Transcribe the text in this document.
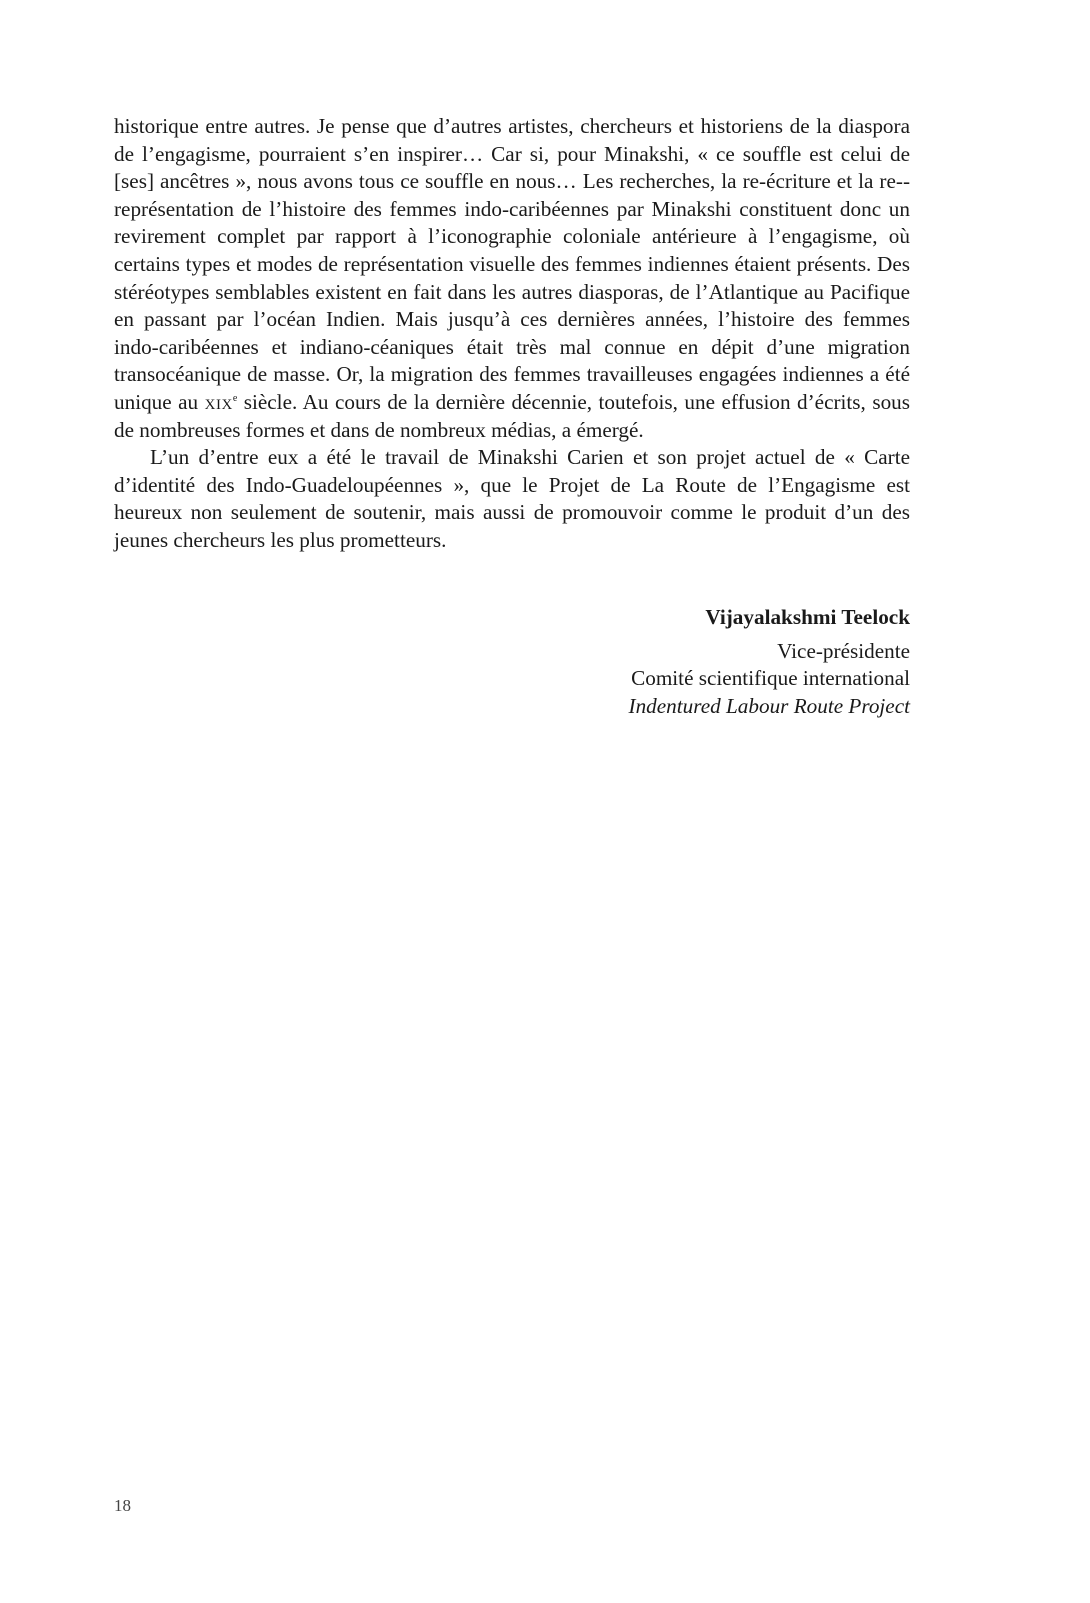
historique entre autres. Je pense que d’autres artistes, chercheurs et historiens de la diaspora de l’engagisme, pourraient s’en inspirer… Car si, pour Minakshi, « ce souffle est celui de [ses] ancêtres », nous avons tous ce souffle en nous… Les recherches, la re-écriture et la re-représentation de l’histoire des femmes indo-caribéennes par Minakshi constituent donc un revirement complet par rapport à l’iconographie coloniale antérieure à l’engagisme, où certains types et modes de représentation visuelle des femmes indiennes étaient présents. Des stéréotypes semblables existent en fait dans les autres diasporas, de l’Atlantique au Pacifique en passant par l’océan Indien. Mais jusqu’à ces dernières années, l’histoire des femmes indo-caribéennes et indiano-céaniques était très mal connue en dépit d’une migration transocéanique de masse. Or, la migration des femmes travailleuses engagées indiennes a été unique au xix$^e$ siècle. Au cours de la dernière décennie, toutefois, une effusion d’écrits, sous de nombreuses formes et dans de nombreux médias, a émergé.

L’un d’entre eux a été le travail de Minakshi Carien et son projet actuel de « Carte d’identité des Indo-Guadeloupéennes », que le Projet de La Route de l’Engagisme est heureux non seulement de soutenir, mais aussi de promouvoir comme le produit d’un des jeunes chercheurs les plus prometteurs.

Vijayalakshmi Teelock
Vice-présidente
Comité scientifique international
Indentured Labour Route Project
18
